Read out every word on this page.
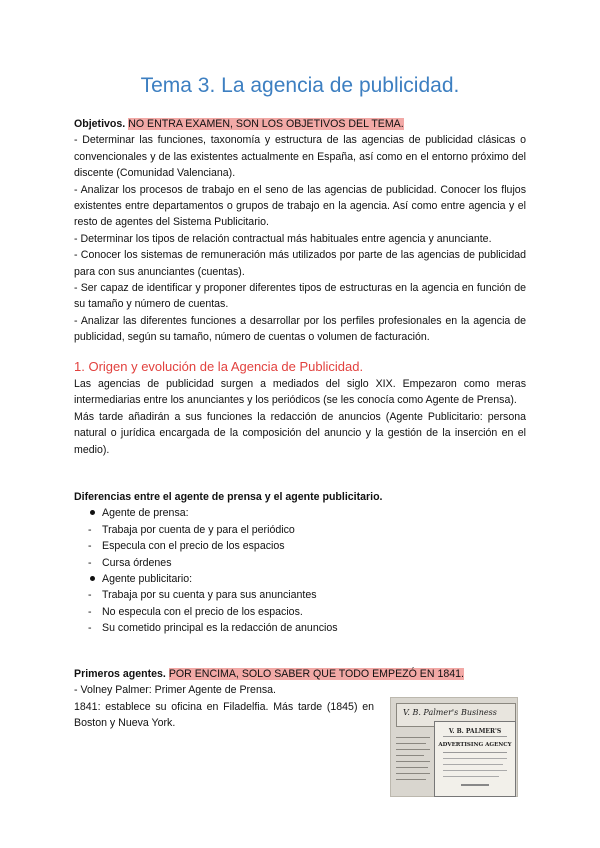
Tema 3. La agencia de publicidad.
Objetivos. NO ENTRA EXAMEN, SON LOS OBJETIVOS DEL TEMA.
- Determinar las funciones, taxonomía y estructura de las agencias de publicidad clásicas o convencionales y de las existentes actualmente en España, así como en el entorno próximo del discente (Comunidad Valenciana).
- Analizar los procesos de trabajo en el seno de las agencias de publicidad. Conocer los flujos existentes entre departamentos o grupos de trabajo en la agencia. Así como entre agencia y el resto de agentes del Sistema Publicitario.
- Determinar los tipos de relación contractual más habituales entre agencia y anunciante.
- Conocer los sistemas de remuneración más utilizados por parte de las agencias de publicidad para con sus anunciantes (cuentas).
- Ser capaz de identificar y proponer diferentes tipos de estructuras en la agencia en función de su tamaño y número de cuentas.
- Analizar las diferentes funciones a desarrollar por los perfiles profesionales en la agencia de publicidad, según su tamaño, número de cuentas o volumen de facturación.
1. Origen y evolución de la Agencia de Publicidad.
Las agencias de publicidad surgen a mediados del siglo XIX. Empezaron como meras intermediarias entre los anunciantes y los periódicos (se les conocía como Agente de Prensa).
Más tarde añadirán a sus funciones la redacción de anuncios (Agente Publicitario: persona natural o jurídica encargada de la composición del anuncio y la gestión de la inserción en el medio).
Diferencias entre el agente de prensa y el agente publicitario.
Agente de prensa:
- Trabaja por cuenta de y para el periódico
- Especula con el precio de los espacios
- Cursa órdenes
Agente publicitario:
- Trabaja por su cuenta y para sus anunciantes
- No especula con el precio de los espacios.
- Su cometido principal es la redacción de anuncios
Primeros agentes. POR ENCIMA, SOLO SABER QUE TODO EMPEZÓ EN 1841.
- Volney Palmer: Primer Agente de Prensa.
1841: establece su oficina en Filadelfia. Más tarde (1845) en Boston y Nueva York.
V. B. Palmer's Business
V. B. PALMER'S
ADVERTISING AGENCY
